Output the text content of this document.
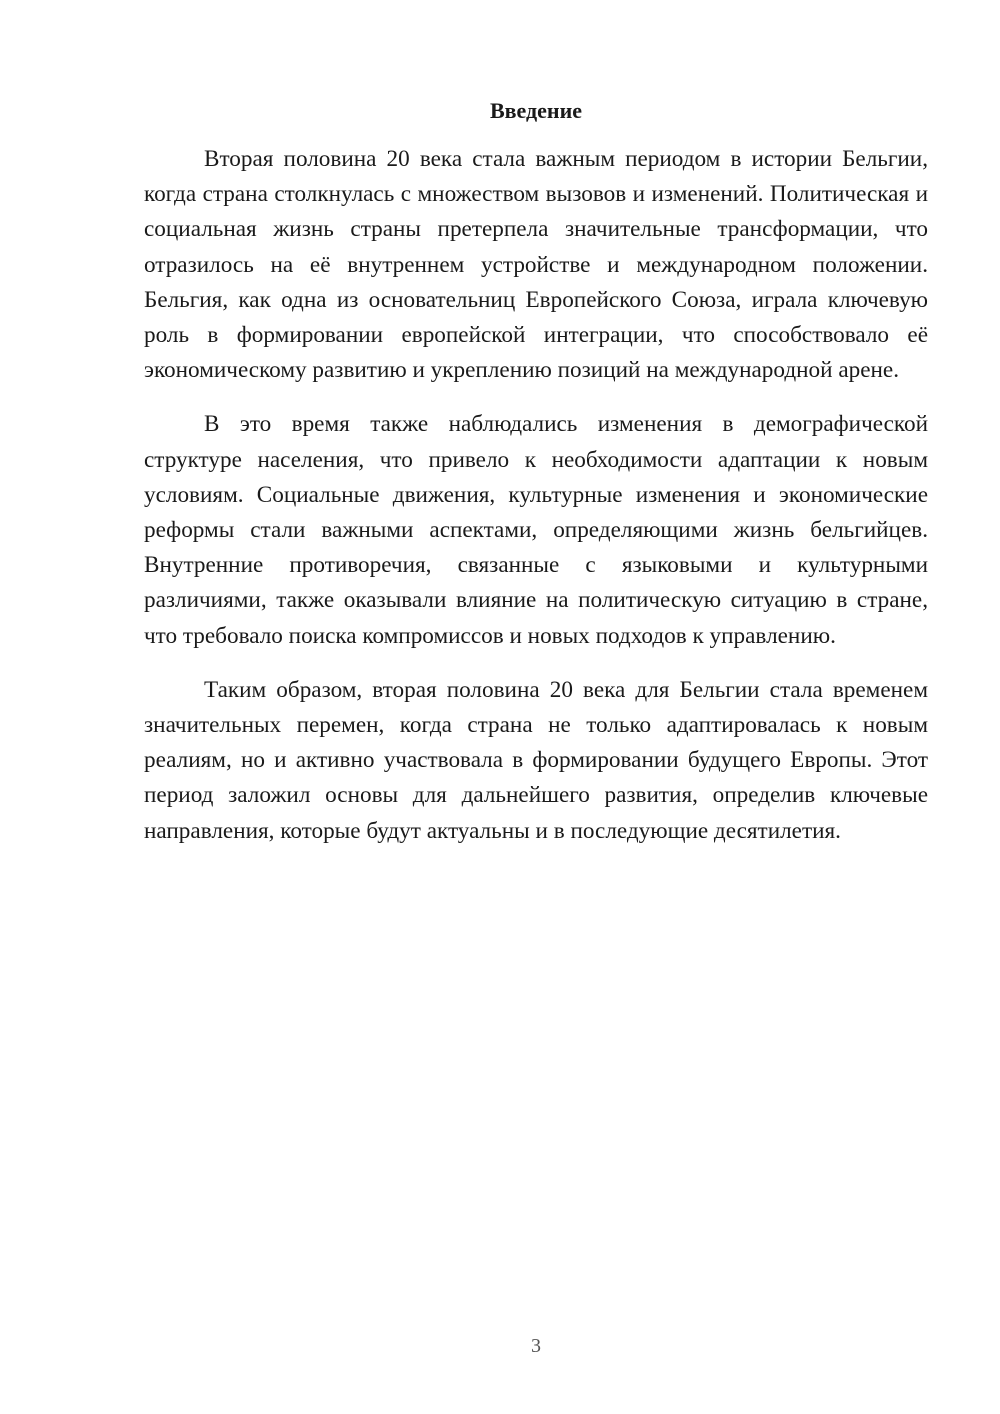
Введение

Вторая половина 20 века стала важным периодом в истории Бельгии, когда страна столкнулась с множеством вызовов и изменений. Политическая и социальная жизнь страны претерпела значительные трансформации, что отразилось на её внутреннем устройстве и международном положении. Бельгия, как одна из основательниц Европейского Союза, играла ключевую роль в формировании европейской интеграции, что способствовало её экономическому развитию и укреплению позиций на международной арене.

В это время также наблюдались изменения в демографической структуре населения, что привело к необходимости адаптации к новым условиям. Социальные движения, культурные изменения и экономические реформы стали важными аспектами, определяющими жизнь бельгийцев. Внутренние противоречия, связанные с языковыми и культурными различиями, также оказывали влияние на политическую ситуацию в стране, что требовало поиска компромиссов и новых подходов к управлению.

Таким образом, вторая половина 20 века для Бельгии стала временем значительных перемен, когда страна не только адаптировалась к новым реалиям, но и активно участвовала в формировании будущего Европы. Этот период заложил основы для дальнейшего развития, определив ключевые направления, которые будут актуальны и в последующие десятилетия.

3
